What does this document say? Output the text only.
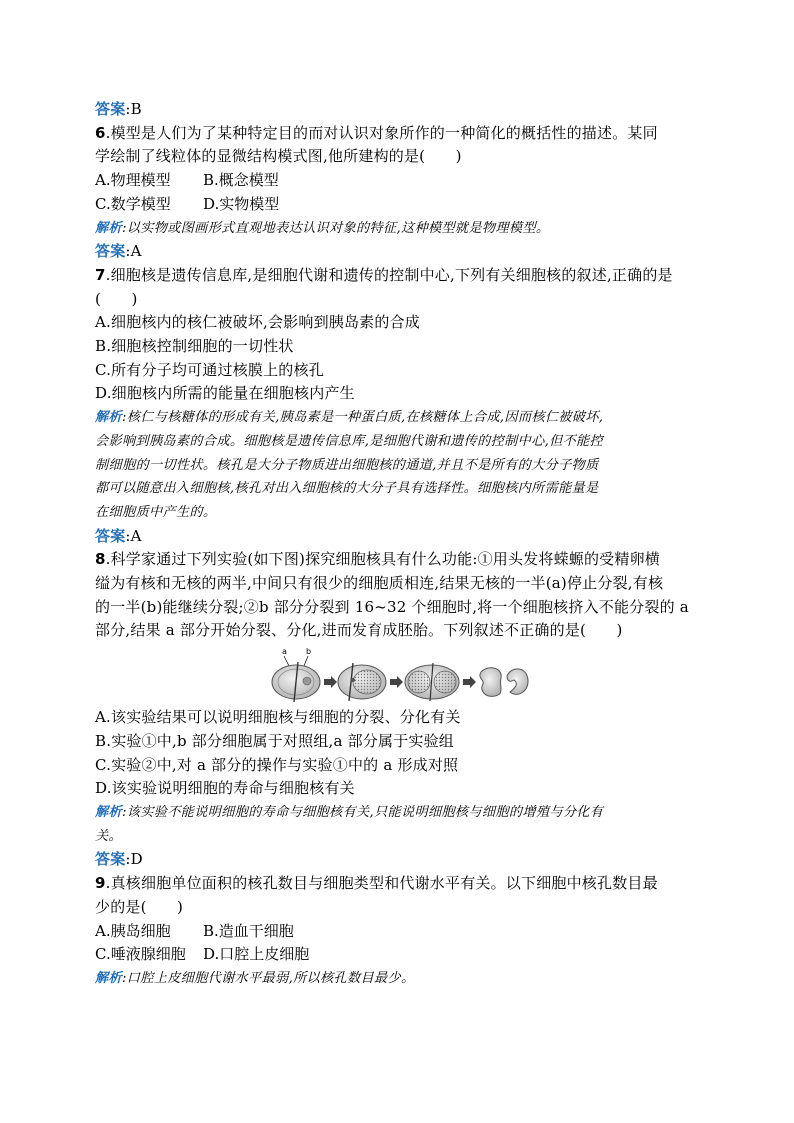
答案:B
6.模型是人们为了某种特定目的而对认识对象所作的一种简化的概括性的描述。某同
学绘制了线粒体的显微结构模式图,他所建构的是(　　)
A.物理模型	B.概念模型
C.数学模型	D.实物模型
解析:以实物或图画形式直观地表达认识对象的特征,这种模型就是物理模型。
答案:A
7.细胞核是遗传信息库,是细胞代谢和遗传的控制中心,下列有关细胞核的叙述,正确的是
(　　)
A.细胞核内的核仁被破坏,会影响到胰岛素的合成
B.细胞核控制细胞的一切性状
C.所有分子均可通过核膜上的核孔
D.细胞核内所需的能量在细胞核内产生
解析:核仁与核糖体的形成有关,胰岛素是一种蛋白质,在核糖体上合成,因而核仁被破坏,
会影响到胰岛素的合成。细胞核是遗传信息库,是细胞代谢和遗传的控制中心,但不能控
制细胞的一切性状。核孔是大分子物质进出细胞核的通道,并且不是所有的大分子物质
都可以随意出入细胞核,核孔对出入细胞核的大分子具有选择性。细胞核内所需能量是
在细胞质中产生的。
答案:A
8.科学家通过下列实验(如下图)探究细胞核具有什么功能:①用头发将蝾螈的受精卵横
缢为有核和无核的两半,中间只有很少的细胞质相连,结果无核的一半(a)停止分裂,有核
的一半(b)能继续分裂;②b 部分分裂到 16~32 个细胞时,将一个细胞核挤入不能分裂的 a
部分,结果 a 部分开始分裂、分化,进而发育成胚胎。下列叙述不正确的是(　　)
a b
A.该实验结果可以说明细胞核与细胞的分裂、分化有关
B.实验①中,b 部分细胞属于对照组,a 部分属于实验组
C.实验②中,对 a 部分的操作与实验①中的 a 形成对照
D.该实验说明细胞的寿命与细胞核有关
解析:该实验不能说明细胞的寿命与细胞核有关,只能说明细胞核与细胞的增殖与分化有
关。
答案:D
9.真核细胞单位面积的核孔数目与细胞类型和代谢水平有关。以下细胞中核孔数目最
少的是(　　)
A.胰岛细胞	B.造血干细胞
C.唾液腺细胞	D.口腔上皮细胞
解析:口腔上皮细胞代谢水平最弱,所以核孔数目最少。
